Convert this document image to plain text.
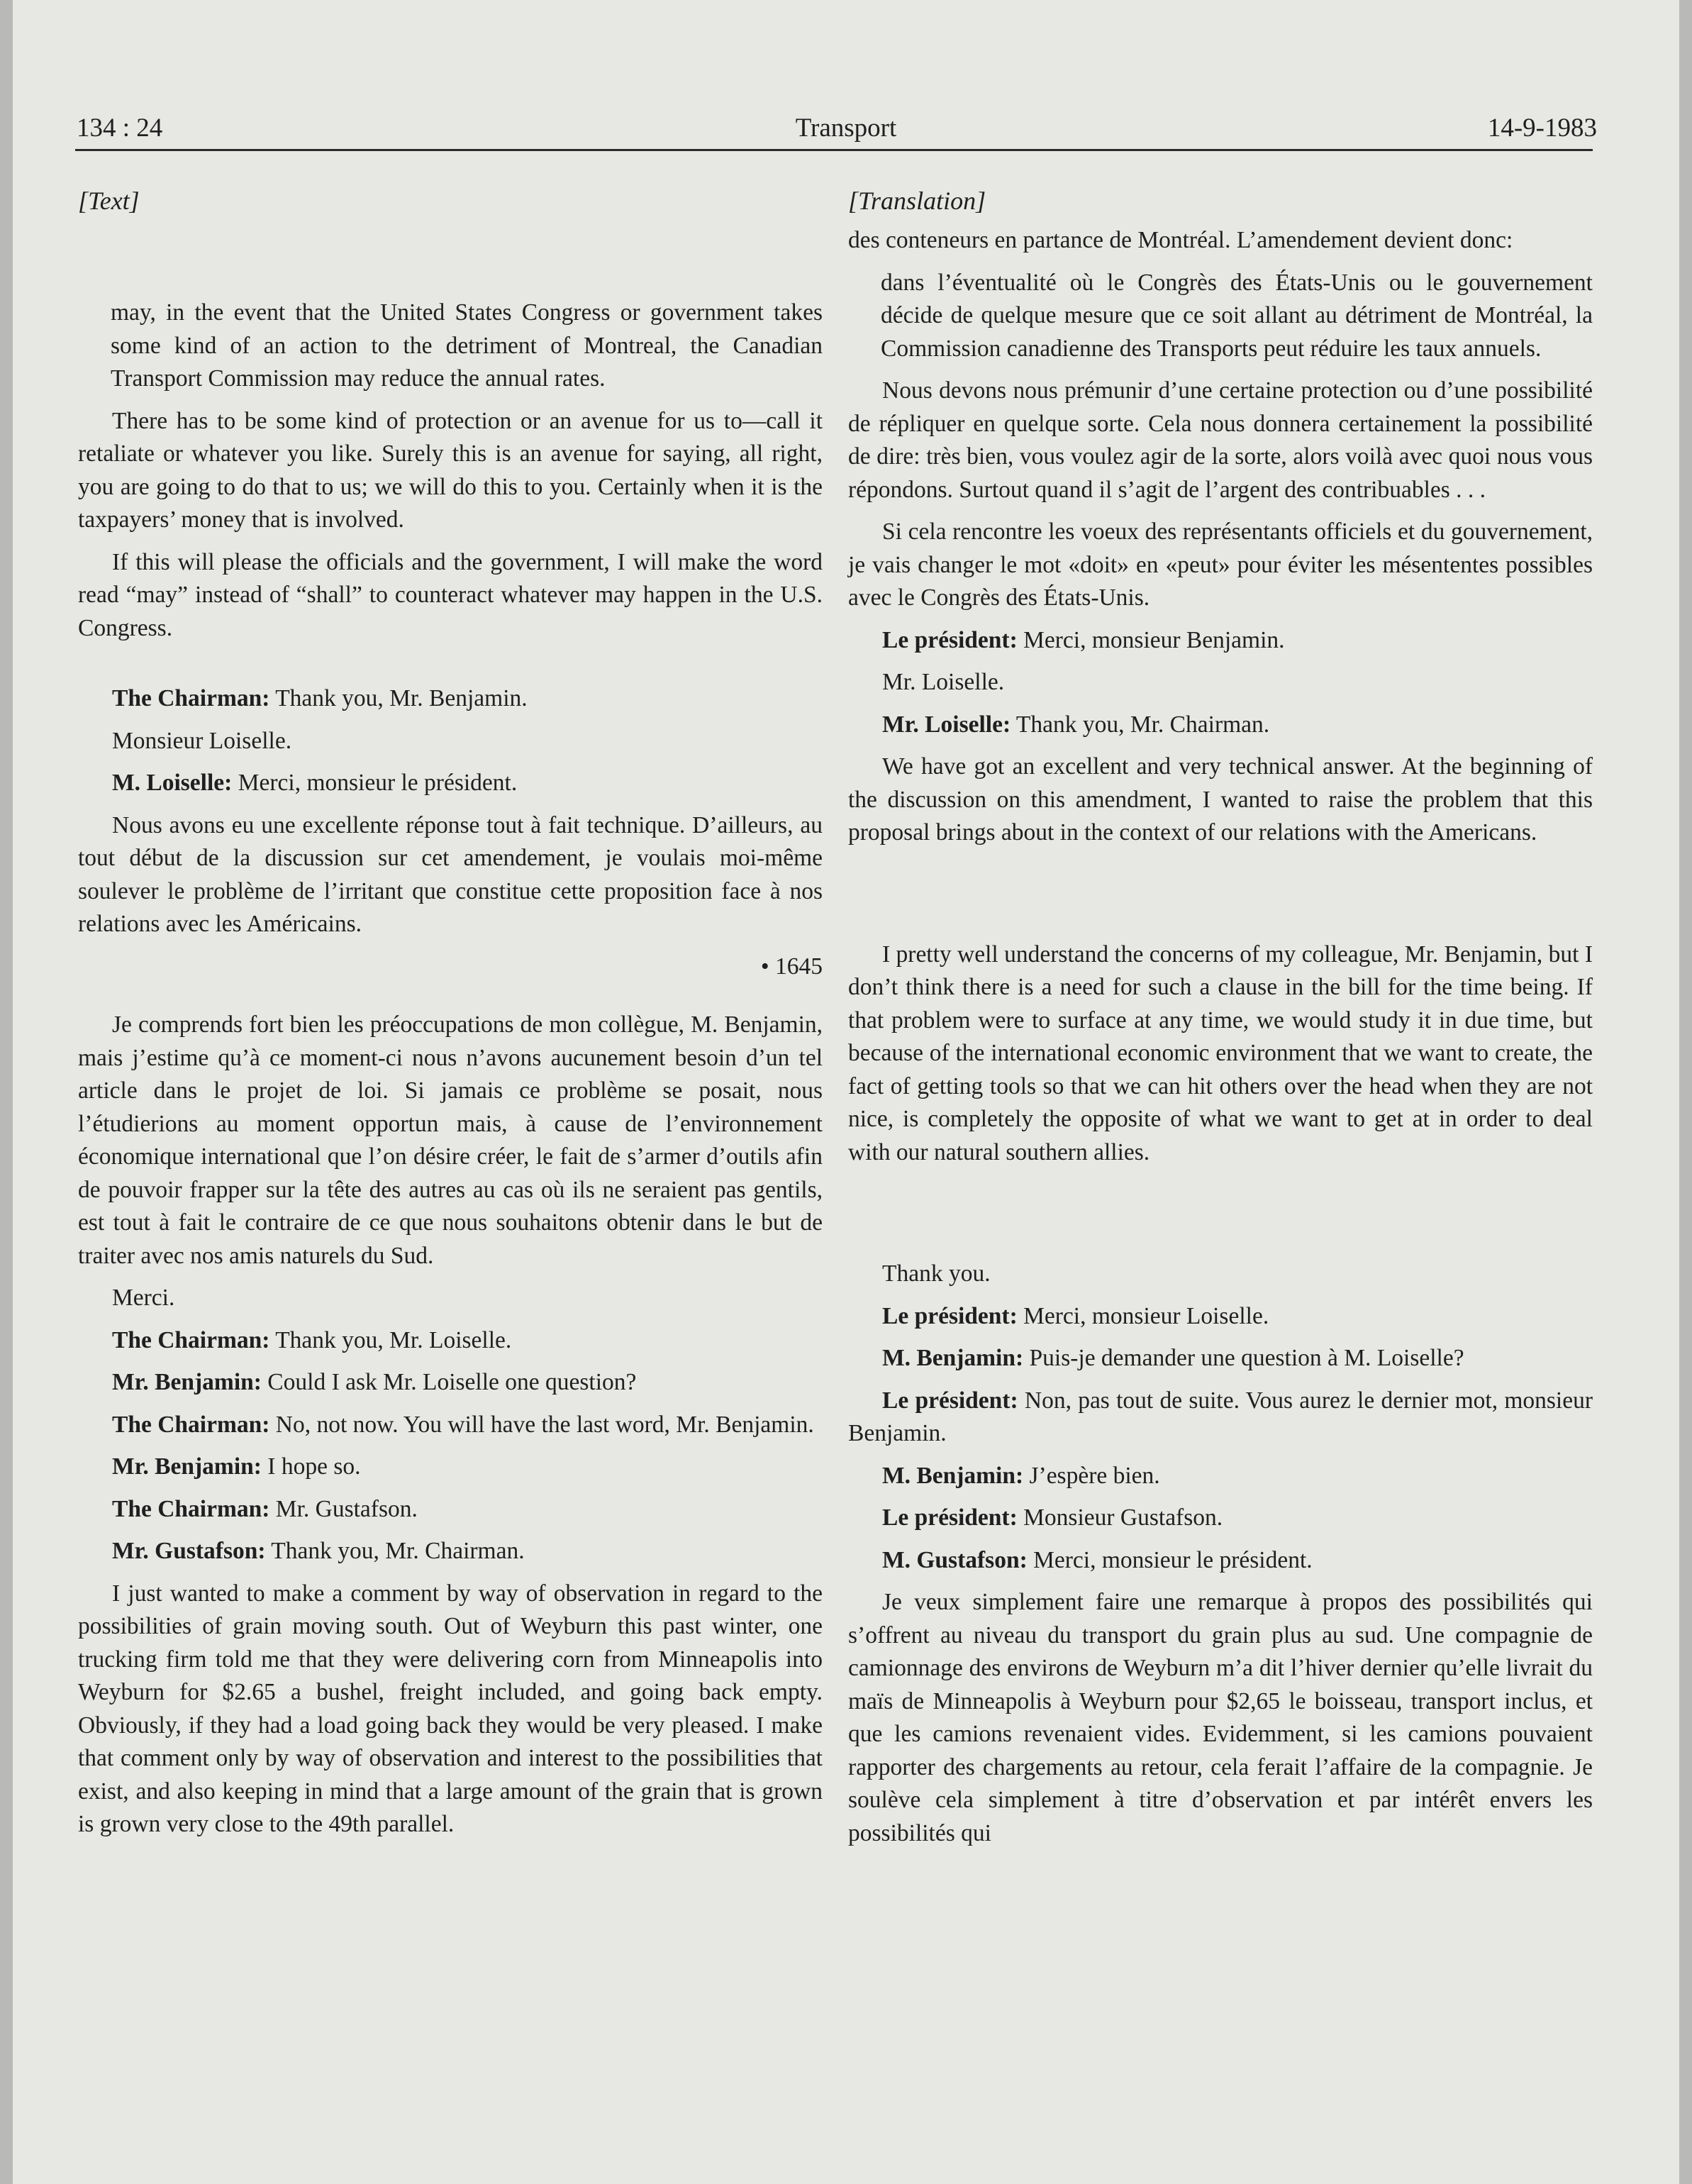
134 : 24	Transport	14-9-1983
[Text]

may, in the event that the United States Congress or government takes some kind of an action to the detriment of Montreal, the Canadian Transport Commission may reduce the annual rates.

There has to be some kind of protection or an avenue for us to—call it retaliate or whatever you like. Surely this is an avenue for saying, all right, you are going to do that to us; we will do this to you. Certainly when it is the taxpayers’ money that is involved.

If this will please the officials and the government, I will make the word read “may” instead of “shall” to counteract whatever may happen in the U.S. Congress.

The Chairman: Thank you, Mr. Benjamin.

Monsieur Loiselle.

M. Loiselle: Merci, monsieur le président.

Nous avons eu une excellente réponse tout à fait technique. D’ailleurs, au tout début de la discussion sur cet amendement, je voulais moi-même soulever le problème de l’irritant que constitue cette proposition face à nos relations avec les Américains.

• 1645

Je comprends fort bien les préoccupations de mon collègue, M. Benjamin, mais j’estime qu’à ce moment-ci nous n’avons aucunement besoin d’un tel article dans le projet de loi. Si jamais ce problème se posait, nous l’étudierions au moment opportun mais, à cause de l’environnement économique international que l’on désire créer, le fait de s’armer d’outils afin de pouvoir frapper sur la tête des autres au cas où ils ne seraient pas gentils, est tout à fait le contraire de ce que nous souhaitons obtenir dans le but de traiter avec nos amis naturels du Sud.

Merci.

The Chairman: Thank you, Mr. Loiselle.

Mr. Benjamin: Could I ask Mr. Loiselle one question?

The Chairman: No, not now. You will have the last word, Mr. Benjamin.

Mr. Benjamin: I hope so.

The Chairman: Mr. Gustafson.

Mr. Gustafson: Thank you, Mr. Chairman.

I just wanted to make a comment by way of observation in regard to the possibilities of grain moving south. Out of Weyburn this past winter, one trucking firm told me that they were delivering corn from Minneapolis into Weyburn for $2.65 a bushel, freight included, and going back empty. Obviously, if they had a load going back they would be very pleased. I make that comment only by way of observation and interest to the possibilities that exist, and also keeping in mind that a large amount of the grain that is grown is grown very close to the 49th parallel.

[Translation]

des conteneurs en partance de Montréal. L’amendement devient donc:

dans l’éventualité où le Congrès des États-Unis ou le gouvernement décide de quelque mesure que ce soit allant au détriment de Montréal, la Commission canadienne des Transports peut réduire les taux annuels.

Nous devons nous prémunir d’une certaine protection ou d’une possibilité de répliquer en quelque sorte. Cela nous donnera certainement la possibilité de dire: très bien, vous voulez agir de la sorte, alors voilà avec quoi nous vous répondons. Surtout quand il s’agit de l’argent des contribuables . . .

Si cela rencontre les voeux des représentants officiels et du gouvernement, je vais changer le mot «doit» en «peut» pour éviter les mésententes possibles avec le Congrès des États-Unis.

Le président: Merci, monsieur Benjamin.

Mr. Loiselle.

Mr. Loiselle: Thank you, Mr. Chairman.

We have got an excellent and very technical answer. At the beginning of the discussion on this amendment, I wanted to raise the problem that this proposal brings about in the context of our relations with the Americans.

I pretty well understand the concerns of my colleague, Mr. Benjamin, but I don’t think there is a need for such a clause in the bill for the time being. If that problem were to surface at any time, we would study it in due time, but because of the international economic environment that we want to create, the fact of getting tools so that we can hit others over the head when they are not nice, is completely the opposite of what we want to get at in order to deal with our natural southern allies.

Thank you.

Le président: Merci, monsieur Loiselle.

M. Benjamin: Puis-je demander une question à M. Loiselle?

Le président: Non, pas tout de suite. Vous aurez le dernier mot, monsieur Benjamin.

M. Benjamin: J’espère bien.

Le président: Monsieur Gustafson.

M. Gustafson: Merci, monsieur le président.

Je veux simplement faire une remarque à propos des possibilités qui s’offrent au niveau du transport du grain plus au sud. Une compagnie de camionnage des environs de Weyburn m’a dit l’hiver dernier qu’elle livrait du maïs de Minneapolis à Weyburn pour $2,65 le boisseau, transport inclus, et que les camions revenaient vides. Evidemment, si les camions pouvaient rapporter des chargements au retour, cela ferait l’affaire de la compagnie. Je soulève cela simplement à titre d’observation et par intérêt envers les possibilités qui
